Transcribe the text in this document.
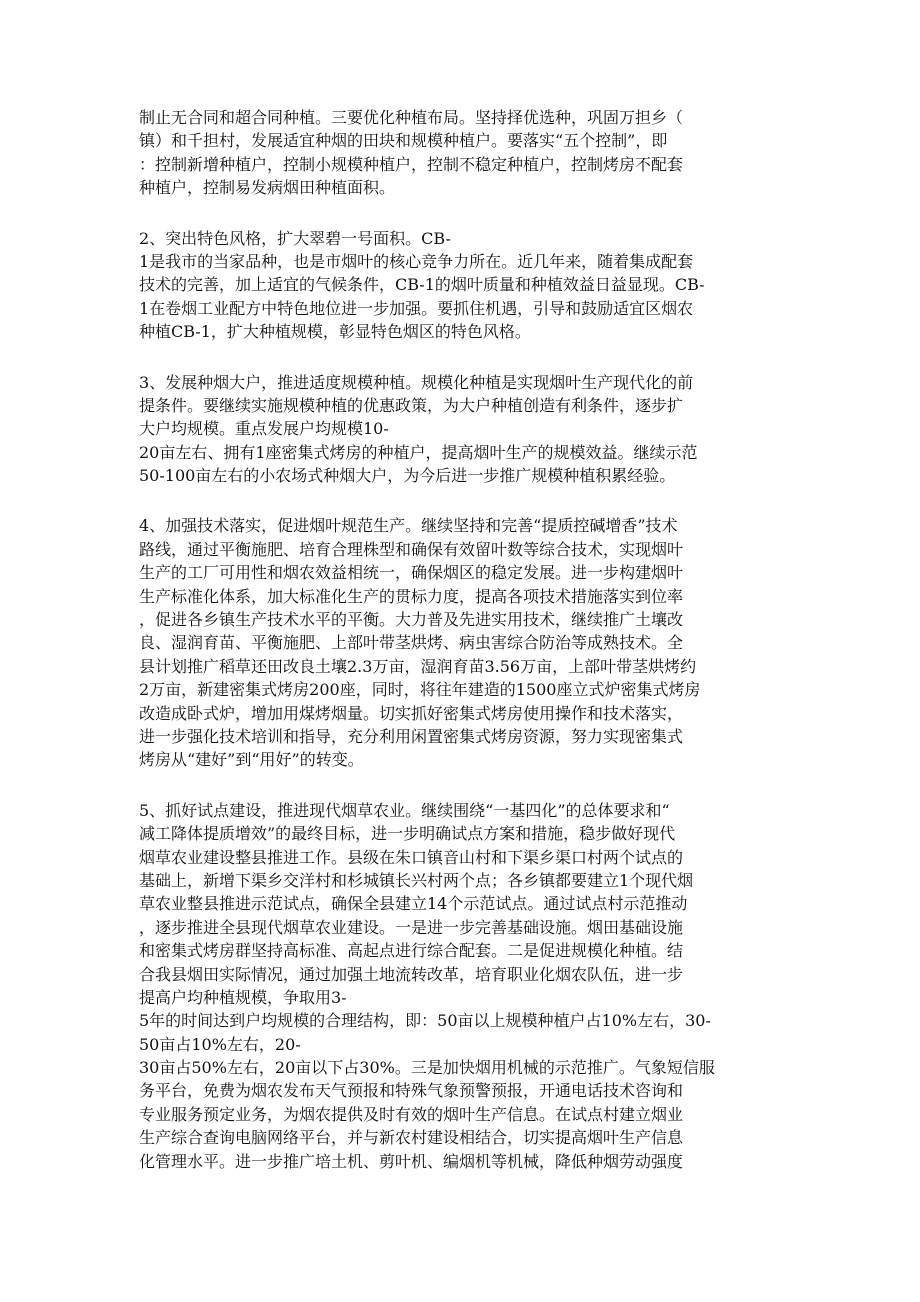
制止无合同和超合同种植。三要优化种植布局。坚持择优选种，巩固万担乡（
镇）和千担村，发展适宜种烟的田块和规模种植户。要落实“五个控制”，即
：控制新增种植户，控制小规模种植户，控制不稳定种植户，控制烤房不配套
种植户，控制易发病烟田种植面积。
2、突出特色风格，扩大翠碧一号面积。CB-
1是我市的当家品种，也是市烟叶的核心竞争力所在。近几年来，随着集成配套
技术的完善，加上适宜的气候条件，CB-1的烟叶质量和种植效益日益显现。CB-
1在卷烟工业配方中特色地位进一步加强。要抓住机遇，引导和鼓励适宜区烟农
种植CB-1，扩大种植规模，彰显特色烟区的特色风格。
3、发展种烟大户，推进适度规模种植。规模化种植是实现烟叶生产现代化的前
提条件。要继续实施规模种植的优惠政策，为大户种植创造有利条件，逐步扩
大户均规模。重点发展户均规模10-
20亩左右、拥有1座密集式烤房的种植户，提高烟叶生产的规模效益。继续示范
50-100亩左右的小农场式种烟大户，为今后进一步推广规模种植积累经验。
4、加强技术落实，促进烟叶规范生产。继续坚持和完善“提质控碱增香”技术
路线，通过平衡施肥、培育合理株型和确保有效留叶数等综合技术，实现烟叶
生产的工厂可用性和烟农效益相统一，确保烟区的稳定发展。进一步构建烟叶
生产标准化体系，加大标准化生产的贯标力度，提高各项技术措施落实到位率
，促进各乡镇生产技术水平的平衡。大力普及先进实用技术，继续推广土壤改
良、湿润育苗、平衡施肥、上部叶带茎烘烤、病虫害综合防治等成熟技术。全
县计划推广稻草还田改良土壤2.3万亩，湿润育苗3.56万亩，上部叶带茎烘烤约
2万亩，新建密集式烤房200座，同时，将往年建造的1500座立式炉密集式烤房
改造成卧式炉，增加用煤烤烟量。切实抓好密集式烤房使用操作和技术落实，
进一步强化技术培训和指导，充分利用闲置密集式烤房资源，努力实现密集式
烤房从“建好”到“用好”的转变。
5、抓好试点建设，推进现代烟草农业。继续围绕“一基四化”的总体要求和“
减工降体提质增效”的最终目标，进一步明确试点方案和措施，稳步做好现代
烟草农业建设整县推进工作。县级在朱口镇音山村和下渠乡渠口村两个试点的
基础上，新增下渠乡交洋村和杉城镇长兴村两个点；各乡镇都要建立1个现代烟
草农业整县推进示范试点，确保全县建立14个示范试点。通过试点村示范推动
，逐步推进全县现代烟草农业建设。一是进一步完善基础设施。烟田基础设施
和密集式烤房群坚持高标准、高起点进行综合配套。二是促进规模化种植。结
合我县烟田实际情况，通过加强土地流转改革，培育职业化烟农队伍，进一步
提高户均种植规模，争取用3-
5年的时间达到户均规模的合理结构，即：50亩以上规模种植户占10%左右，30-
50亩占10%左右，20-
30亩占50%左右，20亩以下占30%。三是加快烟用机械的示范推广。气象短信服
务平台，免费为烟农发布天气预报和特殊气象预警预报，开通电话技术咨询和
专业服务预定业务，为烟农提供及时有效的烟叶生产信息。在试点村建立烟业
生产综合查询电脑网络平台，并与新农村建设相结合，切实提高烟叶生产信息
化管理水平。进一步推广培土机、剪叶机、编烟机等机械，降低种烟劳动强度
